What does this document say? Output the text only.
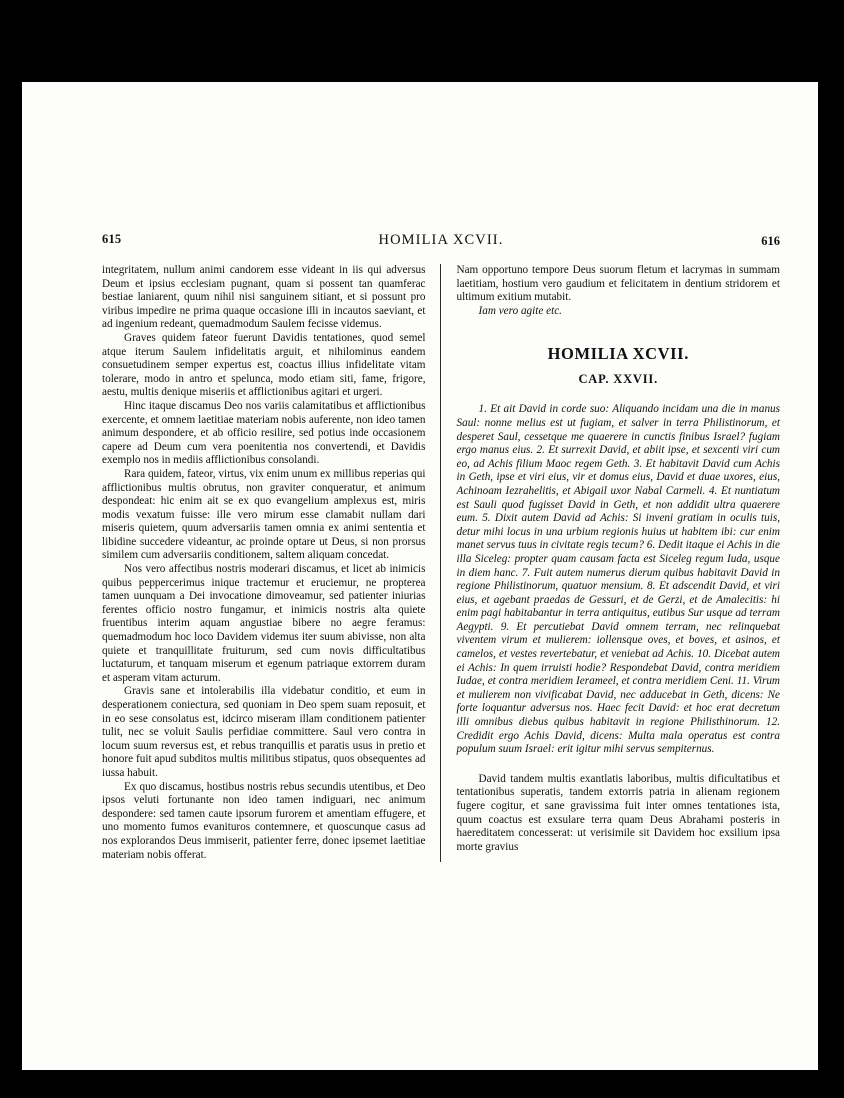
615	HOMILIA XCVII.	616

integritatem, nullum animi candorem esse videant in iis qui adversus Deum et ipsius ecclesiam pugnant, quam si possent tan quamferac bestiae laniarent, quum nihil nisi sanguinem sitiant, et si possunt pro viribus impedire ne prima quaque occasione illi in incautos saeviant, et ad ingenium redeant, quemadmodum Saulem fecisse videmus.

Graves quidem fateor fuerunt Davidis tentationes, quod semel atque iterum Saulem infidelitatis arguit, et nihilominus eandem consuetudinem semper expertus est, coactus illius infidelitate vitam tolerare, modo in antro et spelunca, modo etiam siti, fame, frigore, aestu, multis denique miseriis et afflictionibus agitari et urgeri.

Hinc itaque discamus Deo nos variis calamitatibus et afflictionibus exercente, et omnem laetitiae materiam nobis auferente, non ideo tamen animum despondere, et ab officio resilire, sed potius inde occasionem capere ad Deum cum vera poenitentia nos convertendi, et Davidis exemplo nos in mediis afflictionibus consolandi.

Rara quidem, fateor, virtus, vix enim unum ex millibus reperias qui afflictionibus multis obrutus, non graviter conqueratur, et animum despondeat: hic enim ait se ex quo evangelium amplexus est, miris modis vexatum fuisse: ille vero mirum esse clamabit nullam dari miseris quietem, quum adversariis tamen omnia ex animi sententia et libidine succedere videantur, ac proinde optare ut Deus, si non prorsus similem cum adversariis conditionem, saltem aliquam concedat.

Nos vero affectibus nostris moderari discamus, et licet ab inimicis quibus peppercerimus inique tractemur et eruciemur, ne propterea tamen uunquam a Dei invocatione dimoveamur, sed patienter iniurias ferentes officio nostro fungamur, et inimicis nostris alta quiete fruentibus interim aquam angustiae bibere no aegre feramus: quemadmodum hoc loco Davidem videmus iter suum abivisse, non alta quiete et tranquillitate fruiturum, sed cum novis difficultatibus luctaturum, et tanquam miserum et egenum patriaque extorrem duram et asperam vitam acturum.

Gravis sane et intolerabilis illa videbatur conditio, et eum in desperationem coniectura, sed quoniam in Deo spem suam reposuit, et in eo sese consolatus est, idcirco miseram illam conditionem patienter tulit, nec se voluit Saulis perfidiae committere. Saul vero contra in locum suum reversus est, et rebus tranquillis et paratis usus in pretio et honore fuit apud subditos multis militibus stipatus, quos obsequentes ad iussa habuit.

Ex quo discamus, hostibus nostris rebus secundis utentibus, et Deo ipsos veluti fortunante non ideo tamen indiguari, nec animum despondere: sed tamen caute ipsorum furorem et amentiam effugere, et uno momento fumos evanituros contemnere, et quoscunque casus ad nos explorandos Deus immiserit, patienter ferre, donec ipsemet laetitiae materiam nobis offerat.

Nam opportuno tempore Deus suorum fletum et lacrymas in summam laetitiam, hostium vero gaudium et felicitatem in dentium stridorem et ultimum exitium mutabit.

Iam vero agite etc.

HOMILIA XCVII.
CAP. XXVII.

1. Et ait David in corde suo: Aliquando incidam una die in manus Saul: nonne melius est ut fugiam, et salver in terra Philistinorum, et desperet Saul, cessetque me quaerere in cunctis finibus Israel? fugiam ergo manus eius. 2. Et surrexit David, et abiit ipse, et sexcenti viri cum eo, ad Achis filium Maoc regem Geth. 3. Et habitavit David cum Achis in Geth, ipse et viri eius, vir et domus eius, David et duae uxores, eius, Achinoam Iezrahelitis, et Abigail uxor Nabal Carmeli. 4. Et nuntiatum est Sauli quod fugisset David in Geth, et non addidit ultra quaerere eum. 5. Dixit autem David ad Achis: Si inveni gratiam in oculis tuis, detur mihi locus in una urbium regionis huius ut habitem ibi: cur enim manet servus tuus in civitate regis tecum? 6. Dedit itaque ei Achis in die illa Siceleg: propter quam causam facta est Siceleg regum Iuda, usque in diem hanc. 7. Fuit autem numerus dierum quibus habitavit David in regione Philistinorum, quatuor mensium. 8. Et adscendit David, et viri eius, et agebant praedas de Gessuri, et de Gerzi, et de Amalecitis: hi enim pagi habitabantur in terra antiquitus, eutibus Sur usque ad terram Aegypti. 9. Et percutiebat David omnem terram, nec relinquebat viventem virum et mulierem: iollensque oves, et boves, et asinos, et camelos, et vestes revertebatur, et veniebat ad Achis. 10. Dicebat autem ei Achis: In quem irruisti hodie? Respondebat David, contra meridiem Iudae, et contra meridiem Ierameel, et contra meridiem Ceni. 11. Virum et mulierem non vivificabat David, nec adducebat in Geth, dicens: Ne forte loquantur adversus nos. Haec fecit David: et hoc erat decretum illi omnibus diebus quibus habitavit in regione Philisthinorum. 12. Credidit ergo Achis David, dicens: Multa mala operatus est contra populum suum Israel: erit igitur mihi servus sempiternus.

David tandem multis exantlatis laboribus, multis dificultatibus et tentationibus superatis, tandem extorris patria in alienam regionem fugere cogitur, et sane gravissima fuit inter omnes tentationes ista, quum coactus est exsulare terra quam Deus Abrahami posteris in haereditatem concesserat: ut verisimile sit Davidem hoc exsilium ipsa morte gravius
